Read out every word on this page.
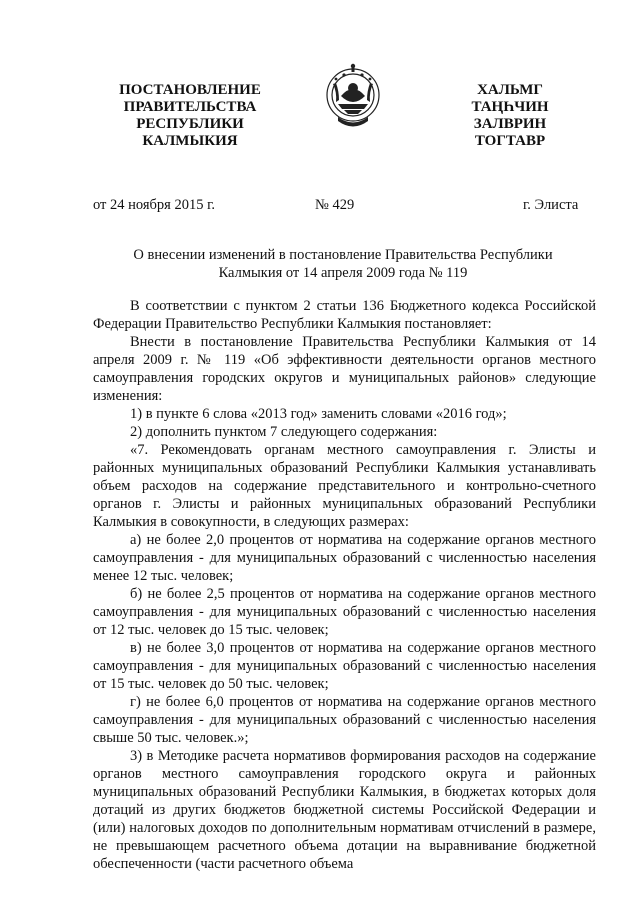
ПОСТАНОВЛЕНИЕ
ПРАВИТЕЛЬСТВА
РЕСПУБЛИКИ
КАЛМЫКИЯ
ХАЛЬМГ
ТАҢҺЧИН
ЗАЛВРИН
ТОГТАВР
от 24 ноября 2015 г.	№ 429	г. Элиста
О внесении изменений в постановление Правительства Республики
Калмыкия от 14 апреля 2009 года № 119

В соответствии с пунктом 2 статьи 136 Бюджетного кодекса Российской Федерации Правительство Республики Калмыкия постановляет:

Внести в постановление Правительства Республики Калмыкия от 14 апреля 2009 г. № 119 «Об эффективности деятельности органов местного самоуправления городских округов и муниципальных районов» следующие изменения:

1) в пункте 6 слова «2013 год» заменить словами «2016 год»;

2) дополнить пунктом 7 следующего содержания:

«7. Рекомендовать органам местного самоуправления г. Элисты и районных муниципальных образований Республики Калмыкия устанавливать объем расходов на содержание представительного и контрольно-счетного органов г. Элисты и районных муниципальных образований Республики Калмыкия в совокупности, в следующих размерах:

а) не более 2,0 процентов от норматива на содержание органов местного самоуправления - для муниципальных образований с численностью населения менее 12 тыс. человек;

б) не более 2,5 процентов от норматива на содержание органов местного самоуправления - для муниципальных образований с численностью населения от 12 тыс. человек до 15 тыс. человек;

в) не более 3,0 процентов от норматива на содержание органов местного самоуправления - для муниципальных образований с численностью населения от 15 тыс. человек до 50 тыс. человек;

г) не более 6,0 процентов от норматива на содержание органов местного самоуправления - для муниципальных образований с численностью населения свыше 50 тыс. человек.»;

3) в Методике расчета нормативов формирования расходов на содержание органов местного самоуправления городского округа и районных муниципальных образований Республики Калмыкия, в бюджетах которых доля дотаций из других бюджетов бюджетной системы Российской Федерации и (или) налоговых доходов по дополнительным нормативам отчислений в размере, не превышающем расчетного объема дотации на выравнивание бюджетной обеспеченности (части расчетного объема
